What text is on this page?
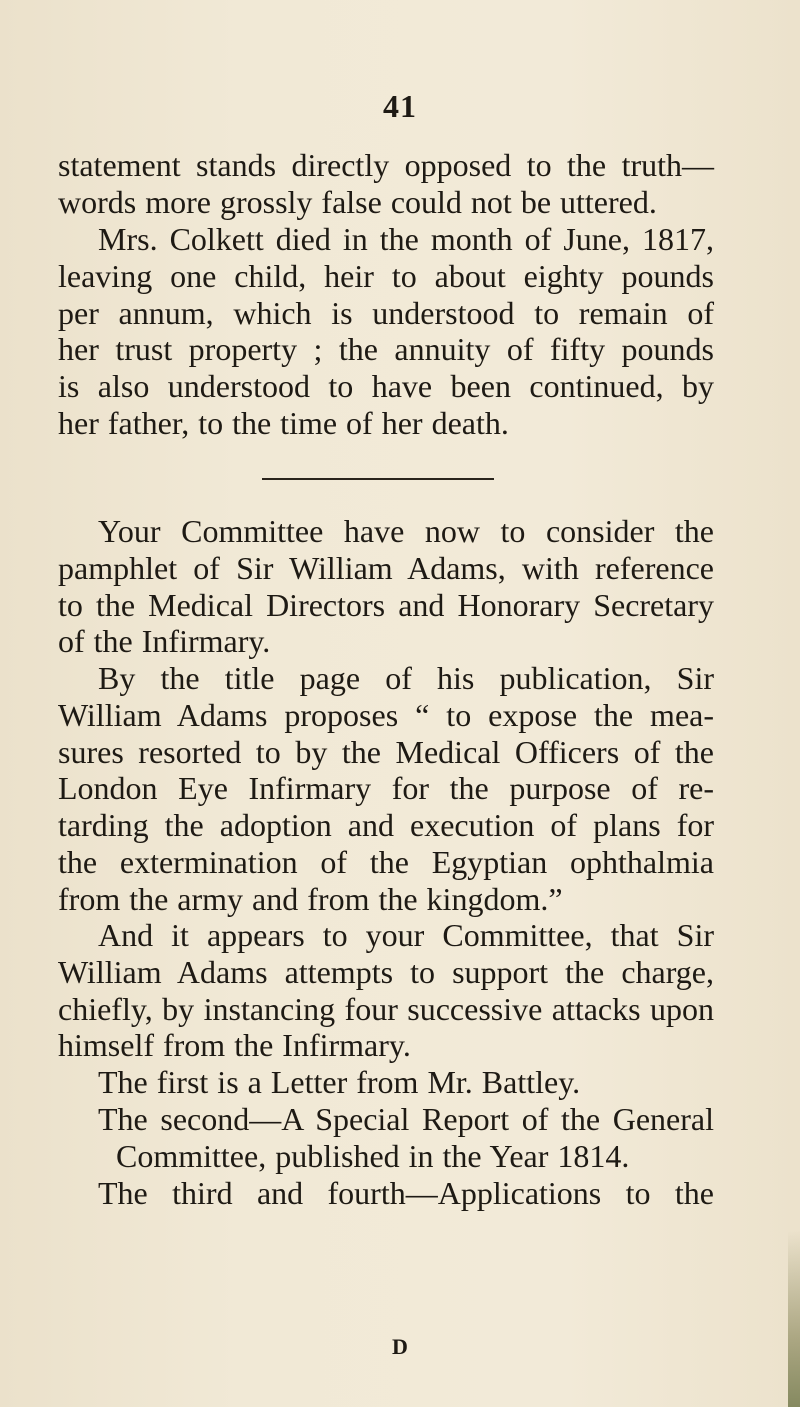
41
statement stands directly opposed to the truth—
words more grossly false could not be uttered.
Mrs. Colkett died in the month of June, 1817,
leaving one child, heir to about eighty pounds
per annum, which is understood to remain of
her trust property ; the annuity of fifty pounds
is also understood to have been continued, by
her father, to the time of her death.
Your Committee have now to consider the
pamphlet of Sir William Adams, with reference
to the Medical Directors and Honorary Secretary
of the Infirmary.
By the title page of his publication, Sir
William Adams proposes “ to expose the mea-
sures resorted to by the Medical Officers of the
London Eye Infirmary for the purpose of re-
tarding the adoption and execution of plans for
the extermination of the Egyptian ophthalmia
from the army and from the kingdom.”
And it appears to your Committee, that Sir
William Adams attempts to support the charge,
chiefly, by instancing four successive attacks upon
himself from the Infirmary.
The first is a Letter from Mr. Battley.
The second—A Special Report of the General
Committee, published in the Year 1814.
The third and fourth—Applications to the
D
